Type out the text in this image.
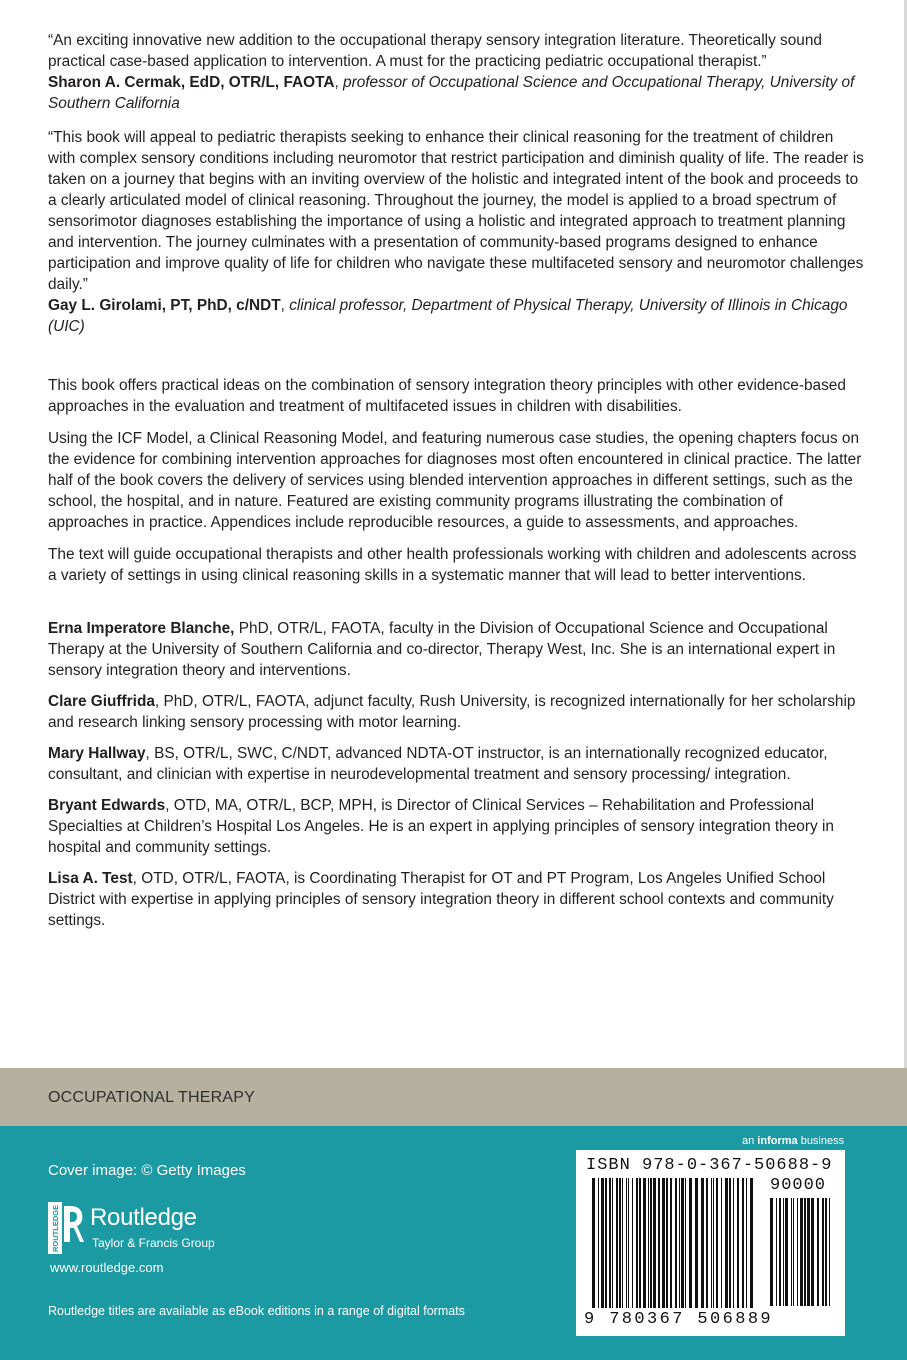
“An exciting innovative new addition to the occupational therapy sensory integration literature. Theoretically sound practical case-based application to intervention. A must for the practicing pediatric occupational therapist.”

Sharon A. Cermak, EdD, OTR/L, FAOTA, professor of Occupational Science and Occupational Therapy, University of Southern California

“This book will appeal to pediatric therapists seeking to enhance their clinical reasoning for the treatment of children with complex sensory conditions including neuromotor that restrict participation and diminish quality of life. The reader is taken on a journey that begins with an inviting overview of the holistic and integrated intent of the book and proceeds to a clearly articulated model of clinical reasoning. Throughout the journey, the model is applied to a broad spectrum of sensorimotor diagnoses establishing the importance of using a holistic and integrated approach to treatment planning and intervention. The journey culminates with a presentation of community-based programs designed to enhance participation and improve quality of life for children who navigate these multifaceted sensory and neuromotor challenges daily.”

Gay L. Girolami, PT, PhD, c/NDT, clinical professor, Department of Physical Therapy, University of Illinois in Chicago (UIC)

This book offers practical ideas on the combination of sensory integration theory principles with other evidence-based approaches in the evaluation and treatment of multifaceted issues in children with disabilities.

Using the ICF Model, a Clinical Reasoning Model, and featuring numerous case studies, the opening chapters focus on the evidence for combining intervention approaches for diagnoses most often encountered in clinical practice. The latter half of the book covers the delivery of services using blended intervention approaches in different settings, such as the school, the hospital, and in nature. Featured are existing community programs illustrating the combination of approaches in practice. Appendices include reproducible resources, a guide to assessments, and approaches.

The text will guide occupational therapists and other health professionals working with children and adolescents across a variety of settings in using clinical reasoning skills in a systematic manner that will lead to better interventions.

Erna Imperatore Blanche, PhD, OTR/L, FAOTA, faculty in the Division of Occupational Science and Occupational Therapy at the University of Southern California and co-director, Therapy West, Inc. She is an international expert in sensory integration theory and interventions.

Clare Giuffrida, PhD, OTR/L, FAOTA, adjunct faculty, Rush University, is recognized internationally for her scholarship and research linking sensory processing with motor learning.

Mary Hallway, BS, OTR/L, SWC, C/NDT, advanced NDTA-OT instructor, is an internationally recognized educator, consultant, and clinician with expertise in neurodevelopmental treatment and sensory processing/ integration.

Bryant Edwards, OTD, MA, OTR/L, BCP, MPH, is Director of Clinical Services – Rehabilitation and Professional Specialties at Children’s Hospital Los Angeles. He is an expert in applying principles of sensory integration theory in hospital and community settings.

Lisa A. Test, OTD, OTR/L, FAOTA, is Coordinating Therapist for OT and PT Program, Los Angeles Unified School District with expertise in applying principles of sensory integration theory in different school contexts and community settings.

OCCUPATIONAL THERAPY
an informa business
Cover image: © Getty Images
ROUTLEDGE Routledge
Taylor & Francis Group
www.routledge.com
Routledge titles are available as eBook editions in a range of digital formats
ISBN 978-0-367-50688-9
90000
9 780367 506889
